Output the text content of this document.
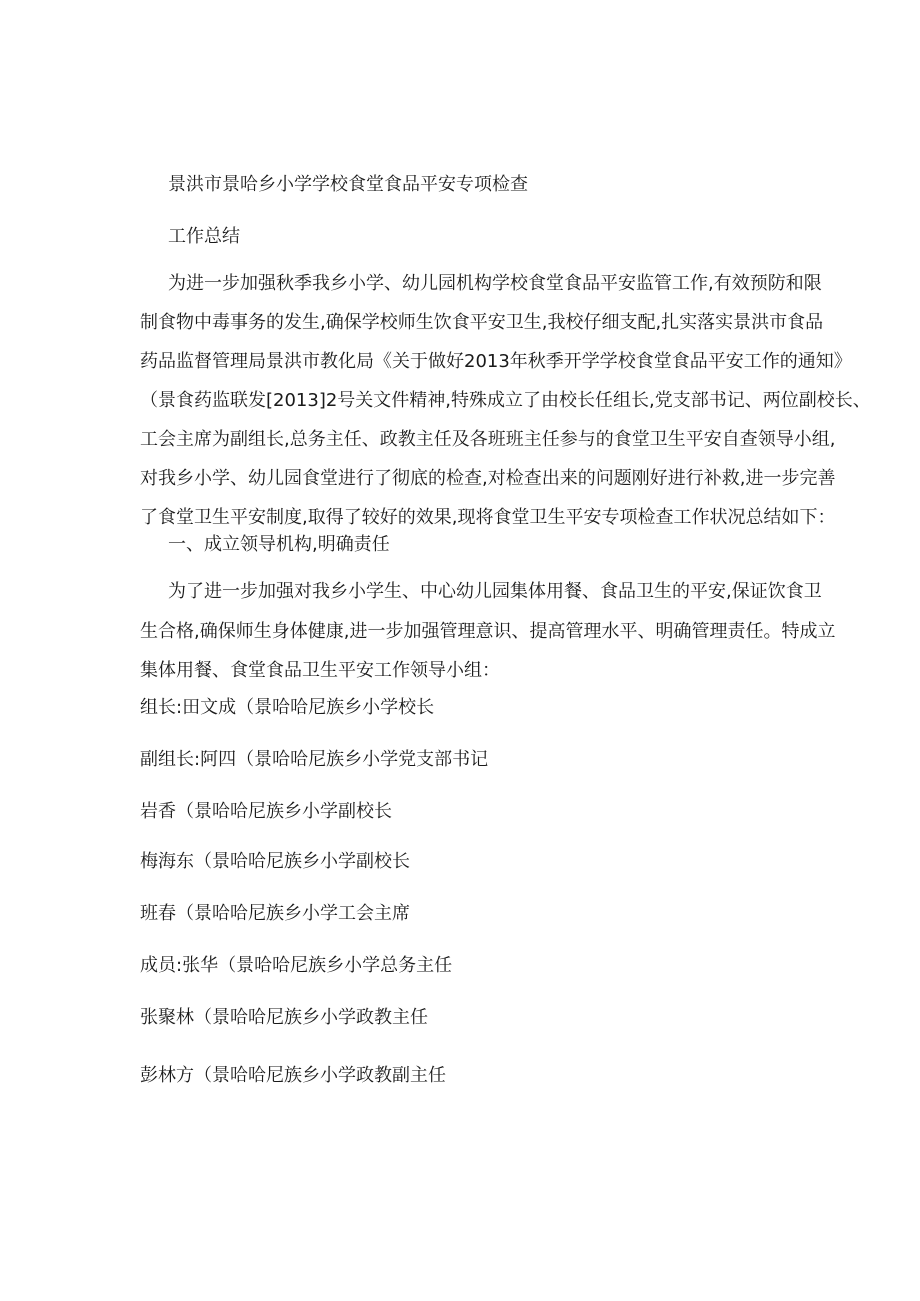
景洪市景哈乡小学学校食堂食品平安专项检查
工作总结
为进一步加强秋季我乡小学、幼儿园机构学校食堂食品平安监管工作,有效预防和限
制食物中毒事务的发生,确保学校师生饮食平安卫生,我校仔细支配,扎实落实景洪市食品
药品监督管理局景洪市教化局《关于做好2013年秋季开学学校食堂食品平安工作的通知》
（景食药监联发[2013]2号关文件精神,特殊成立了由校长任组长,党支部书记、两位副校长、
工会主席为副组长,总务主任、政教主任及各班班主任参与的食堂卫生平安自查领导小组,
对我乡小学、幼儿园食堂进行了彻底的检查,对检查出来的问题刚好进行补救,进一步完善
了食堂卫生平安制度,取得了较好的效果,现将食堂卫生平安专项检查工作状况总结如下：
一、成立领导机构,明确责任
为了进一步加强对我乡小学生、中心幼儿园集体用餐、食品卫生的平安,保证饮食卫
生合格,确保师生身体健康,进一步加强管理意识、提高管理水平、明确管理责任。特成立
集体用餐、食堂食品卫生平安工作领导小组：
组长:田文成（景哈哈尼族乡小学校长
副组长:阿四（景哈哈尼族乡小学党支部书记
岩香（景哈哈尼族乡小学副校长
梅海东（景哈哈尼族乡小学副校长
班春（景哈哈尼族乡小学工会主席
成员:张华（景哈哈尼族乡小学总务主任
张聚林（景哈哈尼族乡小学政教主任
彭林方（景哈哈尼族乡小学政教副主任
